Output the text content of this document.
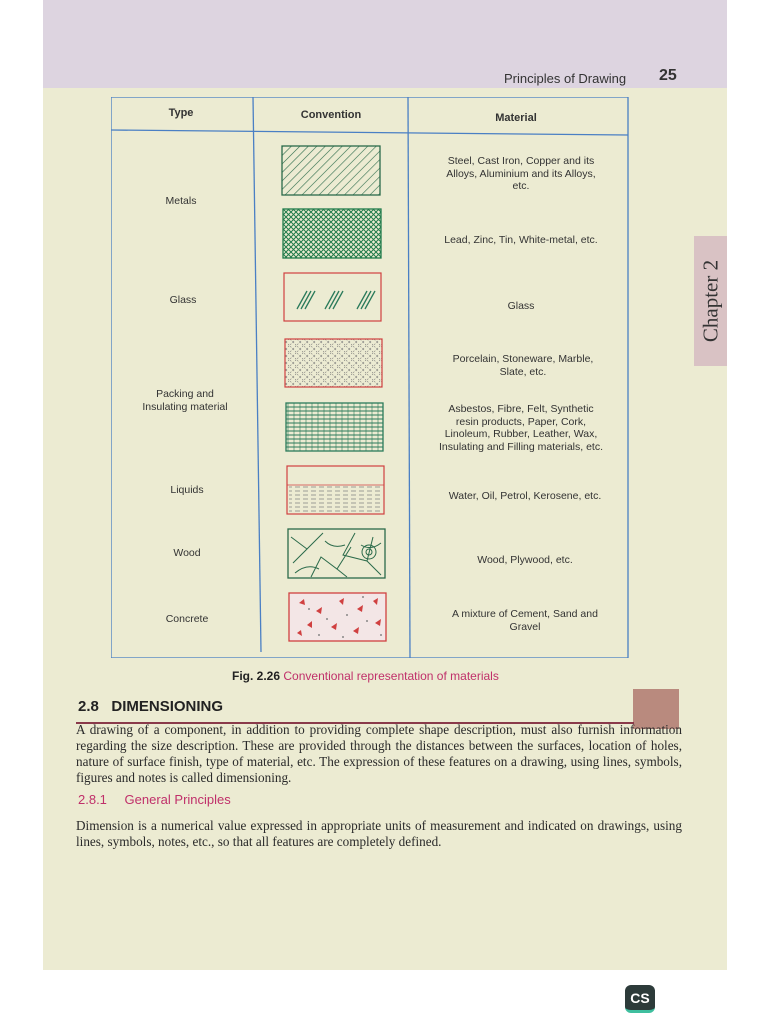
Principles of Drawing 25
Chapter 2
Type	Convention	Material
Metals
Glass
Packing and
Insulating material
Liquids
Wood
Concrete
Steel, Cast Iron, Copper and its
Alloys, Aluminium and its Alloys,
etc.
Lead, Zinc, Tin, White-metal, etc.
Glass
Porcelain, Stoneware, Marble,
Slate, etc.
Asbestos, Fibre, Felt, Synthetic
resin products, Paper, Cork,
Linoleum, Rubber, Leather, Wax,
Insulating and Filling materials, etc.
Water, Oil, Petrol, Kerosene, etc.
Wood, Plywood, etc.
A mixture of Cement, Sand and
Gravel
Fig. 2.26 Conventional representation of materials
2.8 DIMENSIONING
A drawing of a component, in addition to providing complete shape description, must also furnish information regarding the size description. These are provided through the distances between the surfaces, location of holes, nature of surface finish, type of material, etc. The expression of these features on a drawing, using lines, symbols, figures and notes is called dimensioning.
2.8.1 General Principles
Dimension is a numerical value expressed in appropriate units of measurement and indicated on drawings, using lines, symbols, notes, etc., so that all features are completely defined.
CS
